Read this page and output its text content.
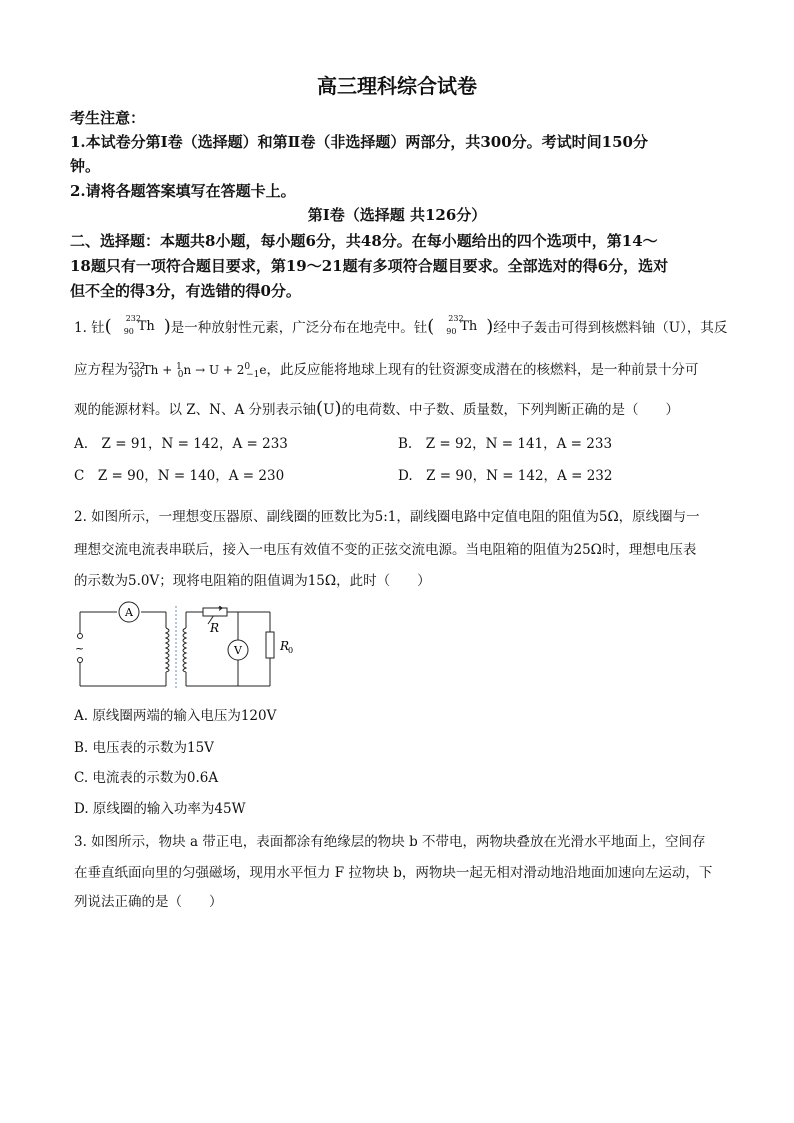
高三理科综合试卷
考生注意：
1.本试卷分第Ⅰ卷（选择题）和第Ⅱ卷（非选择题）两部分，共300分。考试时间150分
钟。
2.请将各题答案填写在答题卡上。
第Ⅰ卷（选择题 共126分）
二、选择题：本题共8小题，每小题6分，共48分。在每小题给出的四个选项中，第14～
18题只有一项符合题目要求，第19～21题有多项符合题目要求。全部选对的得6分，选对
但不全的得3分，有选错的得0分。
1. 钍( 232
90 Th )是一种放射性元素，广泛分布在地壳中。钍( 232
90 Th )经中子轰击可得到核燃料铀（U），其反
应方程为$^{232}_{90}Th + ^1_0n \to U + 2^0_{-1}e$，此反应能将地球上现有的钍资源变成潜在的核燃料，是一种前景十分可
观的能源材料。以 Z、N、A 分别表示铀(U)的电荷数、中子数、质量数，下列判断正确的是（　　）
A.　Z = 91，N = 142，A = 233	B.　Z = 92，N = 141，A = 233
C　Z = 90，N = 140，A = 230	D.　Z = 90，N = 142，A = 232
2. 如图所示，一理想变压器原、副线圈的匝数比为5:1，副线圈电路中定值电阻的阻值为5Ω，原线圈与一
理想交流电流表串联后，接入一电压有效值不变的正弦交流电源。当电阻箱的阻值为25Ω时，理想电压表
的示数为5.0V；现将电阻箱的阻值调为15Ω，此时（　　）
~
A
R
V	R
0
A. 原线圈两端的输入电压为120V
B. 电压表的示数为15V
C. 电流表的示数为0.6A
D. 原线圈的输入功率为45W
3. 如图所示，物块 a 带正电，表面都涂有绝缘层的物块 b 不带电，两物块叠放在光滑水平地面上，空间存
在垂直纸面向里的匀强磁场，现用水平恒力 F 拉物块 b，两物块一起无相对滑动地沿地面加速向左运动，下
列说法正确的是（　　）
